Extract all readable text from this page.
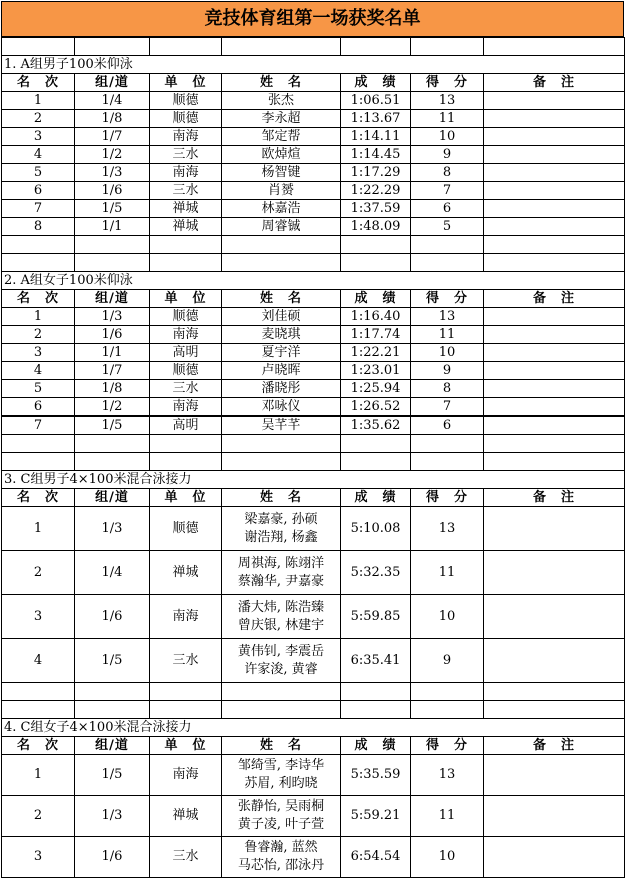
竞技体育组第一场获奖名单

1. A组男子100米仰泳						
名　次	组/道	单　位	姓　名	成　绩	得　分	备　注
1	1/4	顺德	张杰	1:06.51	13	
2	1/8	顺德	李永超	1:13.67	11	
3	1/7	南海	邹定帮	1:14.11	10	
4	1/2	三水	欧焯煊	1:14.45	9	
5	1/3	南海	杨智键	1:17.29	8	
6	1/6	三水	肖赟	1:22.29	7	
7	1/5	禅城	林嘉浩	1:37.59	6	
8	1/1	禅城	周睿铖	1:48.09	5	

2. A组女子100米仰泳						
名　次	组/道	单　位	姓　名	成　绩	得　分	备　注
1	1/3	顺德	刘佳硕	1:16.40	13	
2	1/6	南海	麦晓琪	1:17.74	11	
3	1/1	高明	夏宇洋	1:22.21	10	
4	1/7	顺德	卢晓晖	1:23.01	9	
5	1/8	三水	潘晓彤	1:25.94	8	
6	1/2	南海	邓咏仪	1:26.52	7	
7	1/5	高明	吴芊芊	1:35.62	6	

3. C组男子4×100米混合泳接力						
名　次	组/道	单　位	姓　名	成　绩	得　分	备　注
1	1/3	顺德	梁嘉豪, 孙硕
谢浩翔, 杨鑫	5:10.08	13	
2	1/4	禅城	周祺海, 陈翊洋
蔡瀚华, 尹嘉豪	5:32.35	11	
3	1/6	南海	潘大炜, 陈浩臻
曾庆银, 林建宇	5:59.85	10	
4	1/5	三水	黄伟钊, 李震岳
许家浚, 黄睿	6:35.41	9	

4. C组女子4×100米混合泳接力						
名　次	组/道	单　位	姓　名	成　绩	得　分	备　注
1	1/5	南海	邹绮雪, 李诗华
苏眉, 利昀晓	5:35.59	13	
2	1/3	禅城	张静怡, 吴雨桐
黄子凌, 叶子萱	5:59.21	11	
3	1/6	三水	鲁睿瀚, 蓝然
马芯怡, 邵泳丹	6:54.54	10	
